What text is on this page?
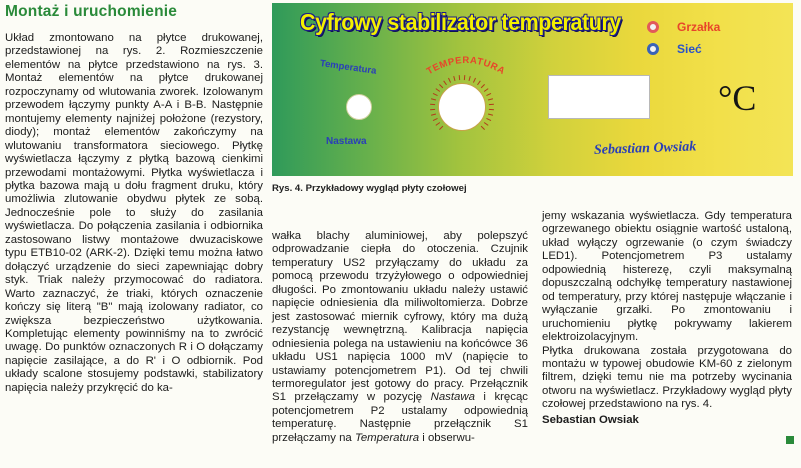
Montaż i uruchomienie

Układ zmontowano na płytce drukowanej, przedstawionej na rys. 2. Rozmieszczenie elementów na płytce przedstawiono na rys. 3. Montaż elementów na płytce drukowanej rozpoczynamy od wlutowania zworek. Izolowanym przewodem łączymy punkty A-A i B-B. Następnie montujemy elementy najniżej położone (rezystory, diody); montaż elementów zakończymy na wlutowaniu transformatora sieciowego. Płytkę wyświetlacza łączymy z płytką bazową cienkimi przewodami montażowymi. Płytka wyświetlacza i płytka bazowa mają u dołu fragment druku, który umożliwia zlutowanie obydwu płytek ze sobą. Jednocześnie pole to służy do zasilania wyświetlacza. Do połączenia zasilania i odbiornika zastosowano listwy montażowe dwuzaciskowe typu ETB10-02 (ARK-2). Dzięki temu można łatwo dołączyć urządzenie do sieci zapewniając dobry styk. Triak należy przymocować do radiatora. Warto zaznaczyć, że triaki, których oznaczenie kończy się literą "B" mają izolowany radiator, co zwiększa bezpieczeństwo użytkowania. Kompletując elementy powinniśmy na to zwrócić uwagę. Do punktów oznaczonych R i O dołączamy napięcie zasilające, a do R' i O odbiornik. Pod układy scalone stosujemy podstawki, stabilizatory napięcia należy przykręcić do ka-

Cyfrowy stabilizator temperatury	Grzałka
Sieć
Temperatura
Nastawa
TEMPERATURA

°C

Sebastian Owsiak

Rys. 4. Przykładowy wygląd płyty czołowej

wałka blachy aluminiowej, aby polepszyć odprowadzanie ciepła do otoczenia. Czujnik temperatury US2 przyłączamy do układu za pomocą przewodu trzyżyłowego o odpowiedniej długości. Po zmontowaniu układu należy ustawić napięcie odniesienia dla miliwoltomierza. Dobrze jest zastosować miernik cyfrowy, który ma dużą rezystancję wewnętrzną. Kalibracja napięcia odniesienia polega na ustawieniu na końcówce 36 układu US1 napięcia 1000 mV (napięcie to ustawiamy potencjometrem P1). Od tej chwili termoregulator jest gotowy do pracy. Przełącznik S1 przełączamy w pozycję Nastawa i kręcąc potencjometrem P2 ustalamy odpowiednią temperaturę. Następnie przełącznik S1 przełączamy na Temperatura i obserwu-

jemy wskazania wyświetlacza. Gdy temperatura ogrzewanego obiektu osiągnie wartość ustaloną, układ wyłączy ogrzewanie (o czym świadczy LED1). Potencjometrem P3 ustalamy odpowiednią histerezę, czyli maksymalną dopuszczalną odchyłkę temperatury nastawionej od temperatury, przy której następuje włączanie i wyłączanie grzałki. Po zmontowaniu i uruchomieniu płytkę pokrywamy lakierem elektroizolacyjnym.

Płytka drukowana została przygotowana do montażu w typowej obudowie KM-60 z zielonym filtrem, dzięki temu nie ma potrzeby wycinania otworu na wyświetlacz. Przykładowy wygląd płyty czołowej przedstawiono na rys. 4.

Sebastian Owsiak
